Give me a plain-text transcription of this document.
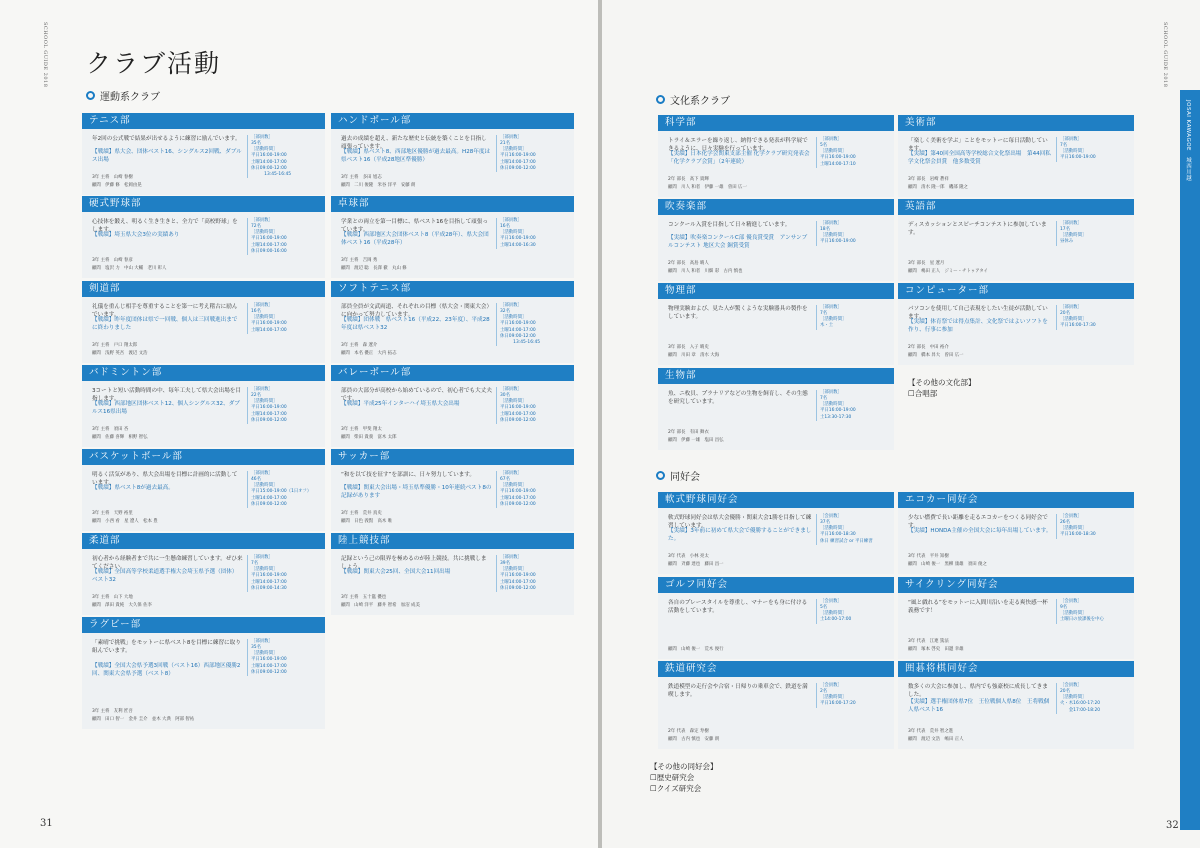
SCHOOL GUIDE 2018 クラブ活動
運動系クラブ
テニス部
年2回の公式戦で結果が出せるように練習に励んでいます。
【戦績】県大会、団体ベスト16、シングルス2回戦、ダブルス出場
3年 主将　山崎 春樹
顧問　伊藤 修　松岡由晃
［部員数］
35名
［活動時間］
平日16:00-19:00
土曜14:00-17:00
休日09:00-12:00
　　　13:45-16:45
ハンドボール部
過去の成績を超え、新たな歴史と伝統を築くことを目指し頑張っています。
【戦績】県ベスト8、西部地区優勝が過去最高。H28年度は県ベスト16（平成28地区準優勝）
3年 主将　多田 旭志
顧問　二川 俊隆　米谷 洋平　安藤 朗
［部員数］
21名
［活動時間］
平日16:00-19:00
土曜14:00-17:00
休日09:00-12:00
硬式野球部
心技体を鍛え、明るく生き生きと、全力で「高校野球」をします。
【戦績】埼玉県大会3位の実績あり
3年 主将　山崎 春彦
顧問　塩沢 力　中山 大輔　老川 彰人
［部員数］
72名
［活動時間］
平日16:00-19:00
土曜14:00-17:00
休日09:00-16:00
卓球部
学業との両立を第一目標に、県ベスト16を目指して頑張っています。
【戦績】西部地区大会団体ベスト8（平成28年）、県大会団体ベスト16（平成28年）
3年 主将　吉岡 秀
顧問　渡辺 聡　長澤 徹　丸山 修
［部員数］
16名
［活動時間］
平日16:00-19:00
土曜14:00-16:30
剣道部
礼儀を重んじ相手を尊重することを第一に考え稽古に励んでいます。
【戦績】昨年度団体は県で一回戦、個人は三回戦進出までに終わりました
3年 主将　戸口 翔太郎
顧問　浅野 英吾　渡辺 文浩
［部員数］
16名
［活動時間］
平日16:00-19:00
土曜14:00-17:00
ソフトテニス部
部員全員が文武両道、それぞれの目標（県大会・関東大会）に向かって努力しています。
【戦績】団体戦　県ベスト16（平成22、23年度）、平成28年度は県ベスト32
3年 主将　森 遼介
顧問　本名 優正　大内 拓志
［部員数］
32名
［活動時間］
平日16:00-19:00
土曜14:00-17:00
休日09:00-12:00
　　　13:45-16:45
バドミントン部
3コートと短い活動時間の中、毎年工夫して県大会出場を目指します。
【戦績】西部地区団体ベスト12、個人シングルス32、ダブルス16県出場
3年 主将　須田 杏
顧問　佐藤 喜輝　相野 智弘
［部員数］
22名
［活動時間］
平日16:00-19:00
土曜14:00-17:00
休日09:00-12:00
バレーボール部
部員の大部分が高校から始めているので、初心者でも大丈夫です。
【戦績】平成25年インターハイ埼玉県大会出場
3年 主将　甲斐 翔太
顧問　柴田 貴義　富木 太郎
［部員数］
30名
［活動時間］
平日16:00-19:00
土曜14:00-17:00
休日09:00-12:00
バスケットボール部
明るく活気があり、県大会出場を目標に計画的に活動しています。
【戦績】県ベスト8が過去最高。
3年 主将　天野 裕里
顧問　小西 看　星 遼人　松本 豊
［部員数］
46名
［活動時間］
平日15:00-19:00（1日オフ）
土曜14:00-17:00
休日09:00-12:00
サッカー部
“和を以て技を征す”を部訓に、日々努力しています。
【戦績】関東大会出場・埼玉県準優勝・10年連続ベスト8の記録があります
3年 主将　荒井 真史
顧問　日色 義賢　高木 唯
［部員数］
67名
［活動時間］
平日16:00-19:00
土曜14:00-17:00
休日09:00-12:00
柔道部
初心者から経験者まで共に一生懸命練習しています。ぜひ来てください。
【戦績】全国高等学校柔道選手権大会埼玉県予選（団体）ベスト32
3年 主将　山下 大地
顧問　澤田 貴純　大久保 佐李
［部員数］
7名
［活動時間］
平日16:00-19:00
土曜14:00-17:00
休日09:00-14:30
陸上競技部
記録という己の限界を極めるのが陸上競技。共に挑戦しましょう。
【戦績】関東大会25回、全国大会11回出場
3年 主将　五十嵐 優也
顧問　山崎 洋平　藤井 智希　加沼 成美
［部員数］
39名
［活動時間］
平日16:00-19:00
土曜14:00-17:00
休日09:00-12:00
ラグビー部
「素晴で挑戦」をモットーに県ベスト8を目標に練習に取り組んでいます。
【戦績】全国大会県予選3回戦（ベスト16）西部地区優勝2回、関東大会県予選（ベスト8）
3年 主将　友利 匠吾
顧問　田口 智一　金井 圭介　並木 大典　阿部 智祐
［部員数］
35名
［活動時間］
平日16:00-19:00
土曜14:00-17:00
休日09:00-12:00
31
SCHOOL GUIDE 2018
JOSAI KAWAGOE　城西川越
文化系クラブ
科学部
トライ＆エラーを繰り返し、納得できる発表が科学展できるように、日々実験を行っています。
【実績】日本化学会関東支部主催 化学クラブ研究発表会「化学クラブ会賞」（2年連続）
2年 部長　高下 貴輝
顧問　川人 和者　伊藤 一雄　曽田 広一
［部員数］
5名
［活動時間］
平日16:00-19:00
土曜14:00-17:10
美術部
「楽しく美術を学ぶ」ことをモットーに毎日活動しています。
【実績】第40回全国高等学校総合文化祭出場　第44回私学文化祭会員賞　他多数受賞
3年 部長　岩崎 蒼祥
顧問　清水 隆一郎　磯部 隆之
［部員数］
7名
［活動時間］
平日16:00-19:00
吹奏楽部
コンクール入賞を目指して日々精進しています。
【実績】吹奏楽コンクールC部 優良賞受賞　アンサンブルコンテスト 地区大会 銅賞受賞
2年 部長　高島 晴人
顧問　川人 和者　川畑 彩　古内 慎也
［部員数］
18名
［活動時間］
平日16:00-19:00
英語部
ディスカッションとスピーチコンテストに参加しています。
3年 部長　星 遼月
顧問　嶋田 正人　ジミー・チトゥアタイ
［部員数］
17名
［活動時間］
昼休み
物理部
物理実験および、見た人が驚くような実験器具の製作をしています。
3年 部長　入子 晴史
顧問　川田 章　清水 大海
［部員数］
7名
［活動時間］
木・土
コンピューター部
パソコンを使用して自己表現をしたい生徒が活動しています。
【実績】体育祭では得点集計、文化祭ではよいソフトを作り、行事に参加
2年 部長　中田 裕介
顧問　橋本 昇大　曽田 広一
［部員数］
20名
［活動時間］
平日16:00-17:30
生物部
魚、ニ枚貝、プラナリアなどの生物を飼育し、その生態を研究しています。
2年 部長　有田 舞衣
顧問　伊藤 一雄　塩田 昌弘
［部員数］
7名
［活動時間］
平日16:00-19:00
土13:30-17:30
【その他の文化部】
☐合唱部
同好会
軟式野球同好会
軟式野球同好会は県大会優勝・関東大会1勝を目指して練習しています。
【実績】3年前に初めて県大会で優勝することができました。
3年 代表　小林 亮太
顧問　斉藤 達也　藤田 昌一
［会員数］
37名
［活動時間］
平日16:00-18:30
休日 練習試合 or 平日練習
エコカー同好会
少ない燃費で長い距離を走るエコカーをつくる同好会です。
【実績】HONDA主催の全国大会に毎年出場しています。
3年 代表　平井 知樹
顧問　山崎 俊一　黒柳 康雄　須田 俊之
［会員数］
26名
［活動時間］
平日16:00-18:30
ゴルフ同好会
各自のプレースタイルを尊重し、マナーをも身に付ける活動をしています。
顧問　山崎 俊一　荒木 俊行
［会員数］
5名
［活動時間］
土14:00-17:00
サイクリング同好会
“風と戯れる”をモットーに入間川沿いを走る爽快感一杯義務です！
3年 代表　江連 篤法
顧問　塚本 啓史　田邊 幸雄
［会員数］
9名
［活動時間］
土曜日の放課後を中心
鉄道研究会
鉄道模型の走行会や合宿・日帰りの乗車会で、鉄道を満喫します。
2年 代表　森定 寿樹
顧問　古内 慎也　安藤 朗
［会員数］
2名
［活動時間］
平日16:00-17:20
囲碁将棋同好会
数多くの大会に参加し、県内でも強豪校に成長してきました。
【実績】選手権団体県7位　王位戦個人県8位　王将戦個人県ベスト16
3年 代表　荒井 智之進
顧問　渡辺 文浩　嶋田 正人
［会員数］
20名
［活動時間］
火・木16:00-17:20
　　金17:00-18:20
【その他の同好会】
☐歴史研究会
☐クイズ研究会
32
